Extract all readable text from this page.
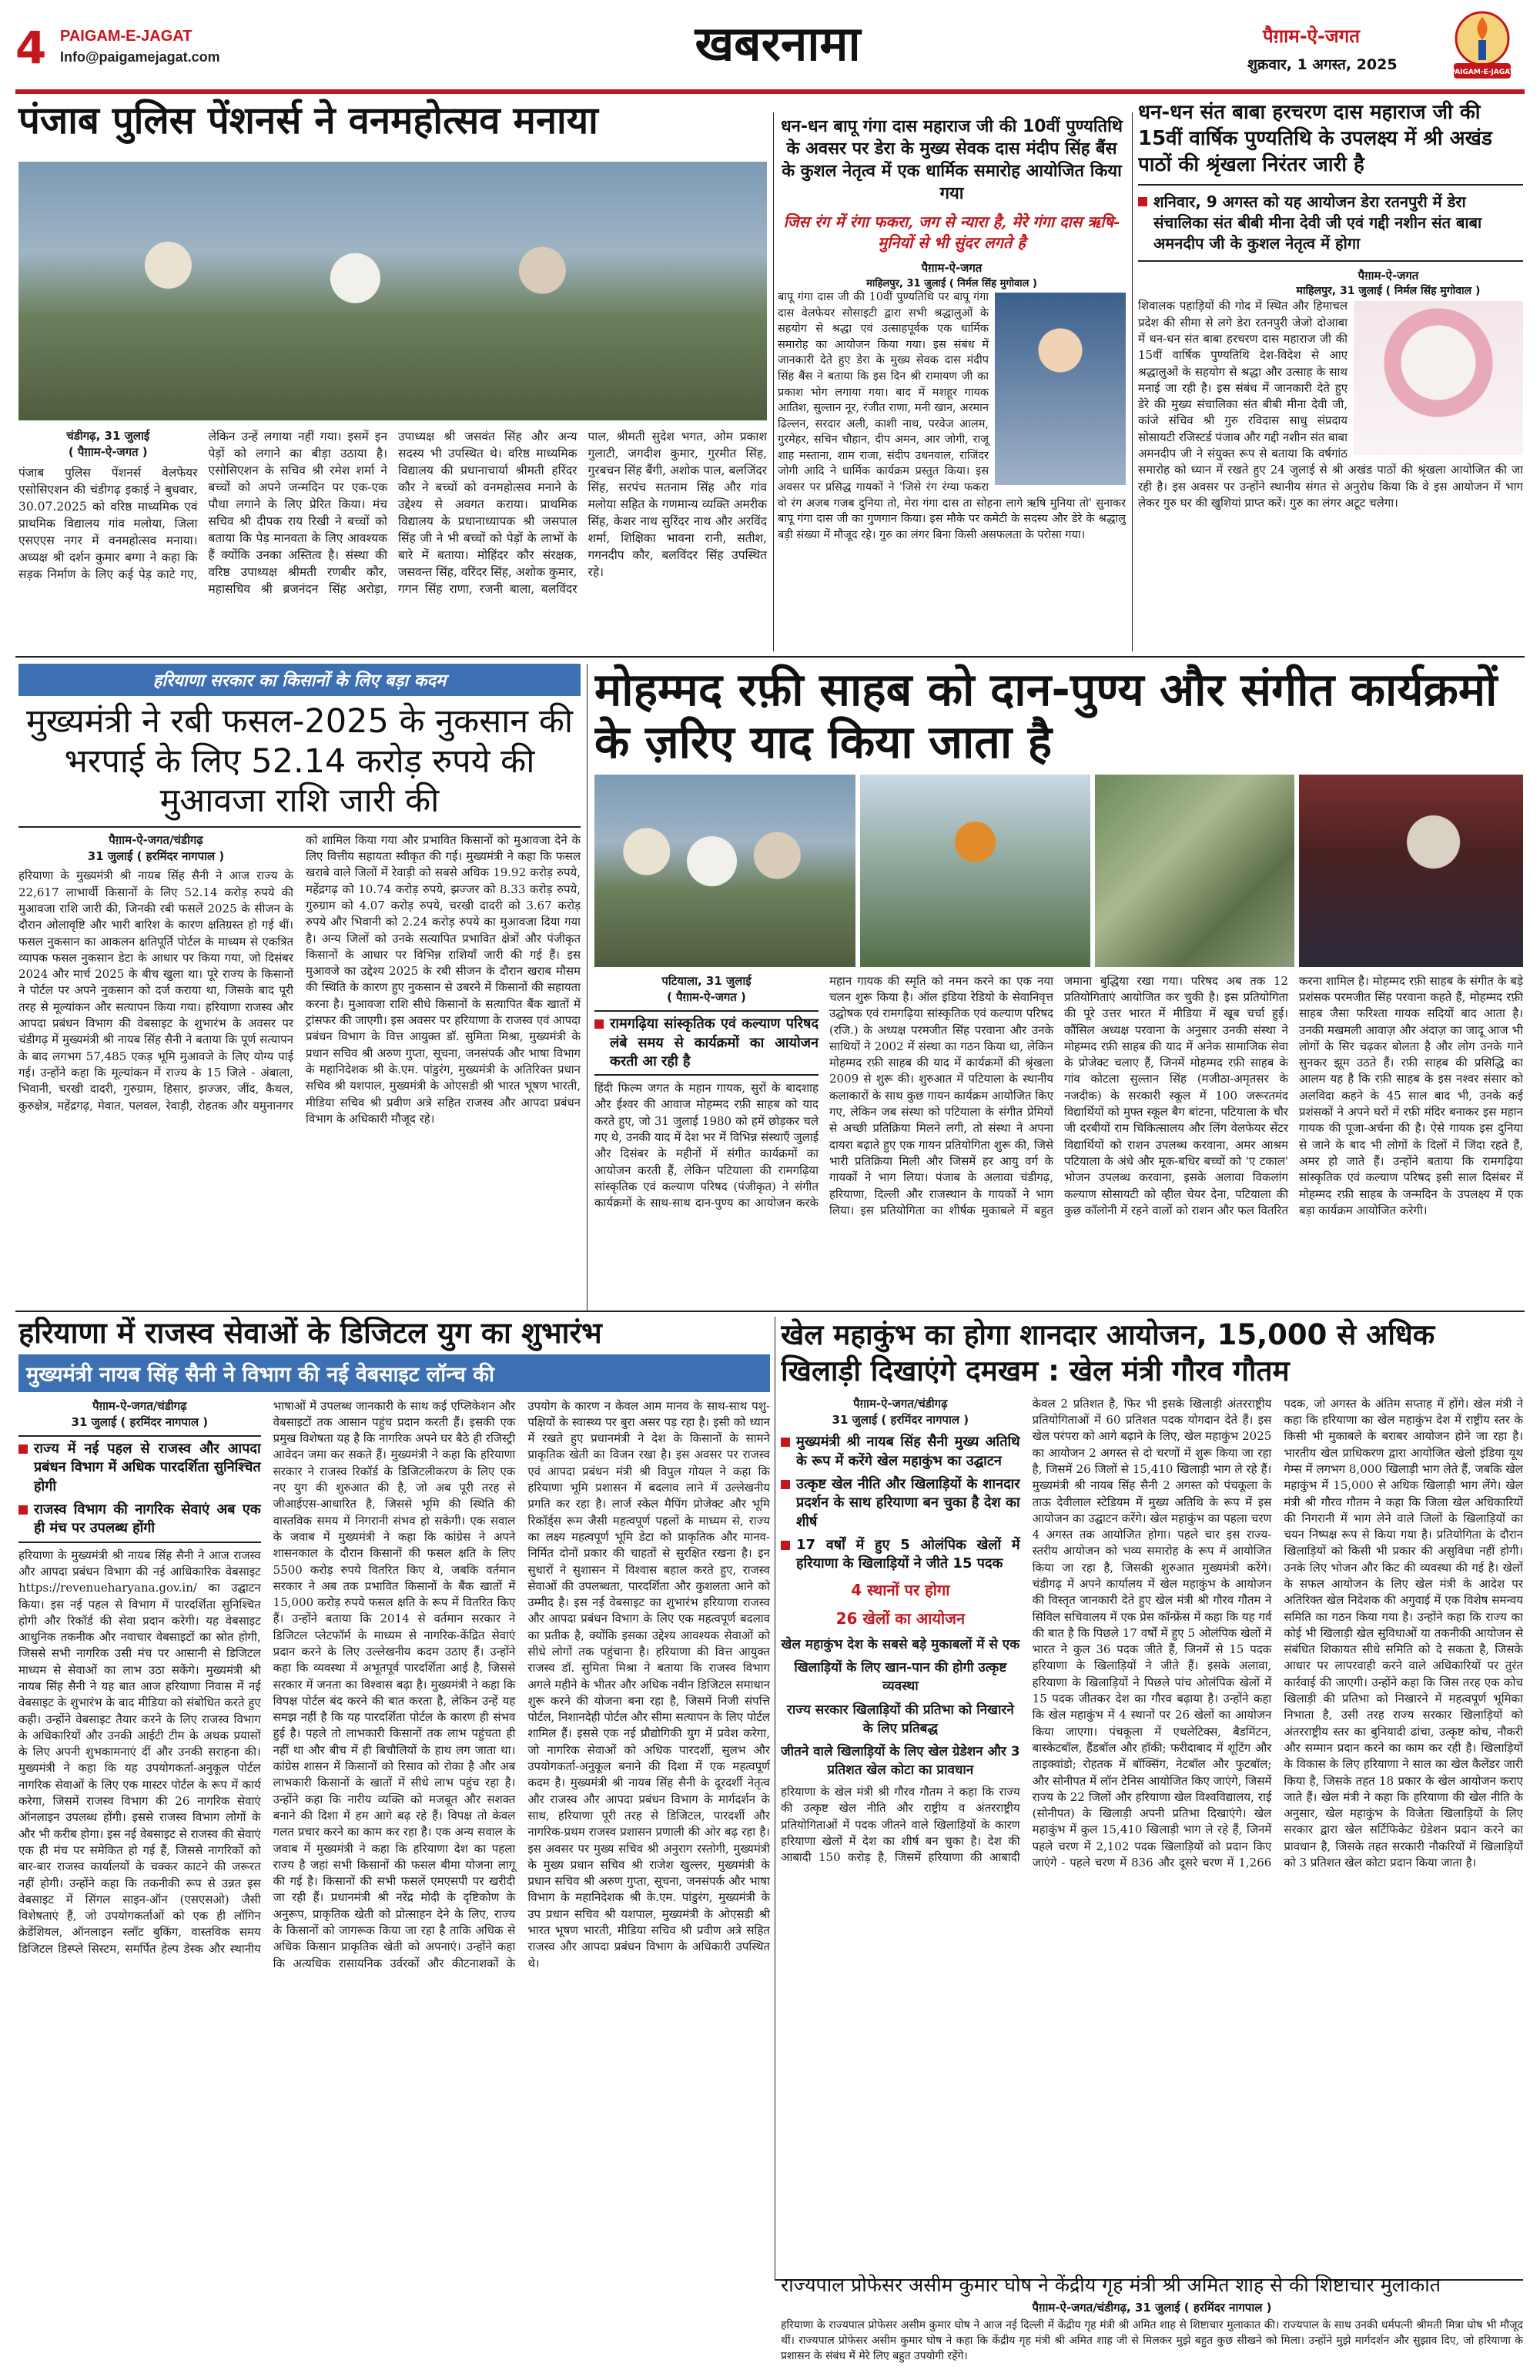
4 PAIGAM-E-JAGAT
Info@paigamejagat.com	खबरनामा	पैग़ाम-ऐ-जगत
शुक्रवार, 1 अगस्त, 2025	PAIGAM-E-JAGAT
पंजाब पुलिस पेंशनर्स ने वनमहोत्सव मनाया
चंडीगढ़, 31 जुलाई
( पैग़ाम-ऐ-जगत )
पंजाब पुलिस पेंशनर्स वेलफेयर एसोसिएशन की चंडीगढ़ इकाई ने बुधवार, 30.07.2025 को वरिष्ठ माध्यमिक एवं प्राथमिक विद्यालय गांव मलोया, जिला एसएएस नगर में वनमहोत्सव मनाया। अध्यक्ष श्री दर्शन कुमार बग्गा ने कहा कि सड़क निर्माण के लिए कई पेड़ काटे गए, लेकिन उन्हें लगाया नहीं गया। इसमें इन पेड़ों को लगाने का बीड़ा उठाया है। एसोसिएशन के सचिव श्री रमेश शर्मा ने बच्चों को अपने जन्मदिन पर एक-एक पौधा लगाने के लिए प्रेरित किया। मंच सचिव श्री दीपक राय रिखी ने बच्चों को बताया कि पेड़ मानवता के लिए आवश्यक हैं क्योंकि उनका अस्तित्व है। संस्था की वरिष्ठ उपाध्यक्ष श्रीमती रणबीर कौर, महासचिव श्री ब्रजनंदन सिंह अरोड़ा, उपाध्यक्ष श्री जसवंत सिंह और अन्य सदस्य भी उपस्थित थे। वरिष्ठ माध्यमिक विद्यालय की प्रधानाचार्या श्रीमती हरिंदर कौर ने बच्चों को वनमहोत्सव मनाने के उद्देश्य से अवगत कराया। प्राथमिक विद्यालय के प्रधानाध्यापक श्री जसपाल सिंह जी ने भी बच्चों को पेड़ों के लाभों के बारे में बताया। मोहिंदर कौर संरक्षक, जसवन्त सिंह, वरिंदर सिंह, अशोक कुमार, गगन सिंह राणा, रजनी बाला, बलविंदर पाल, श्रीमती सुदेश भगत, ओम प्रकाश गुलाटी, जगदीश कुमार, गुरमीत सिंह, गुरबचन सिंह बैंगी, अशोक पाल, बलजिंदर सिंह, सरपंच सतनाम सिंह और गांव मलोया सहित के गणमान्य व्यक्ति अमरीक सिंह, केशर नाथ सुरिंदर नाथ और अरविंद शर्मा, शिक्षिका भावना रानी, सतीश, गगनदीप कौर, बलविंदर सिंह उपस्थित रहे।
धन-धन बापू गंगा दास महाराज जी की 10वीं पुण्यतिथि के अवसर पर डेरा के मुख्य सेवक दास मंदीप सिंह बैंस के कुशल नेतृत्व में एक धार्मिक समारोह आयोजित किया गया
जिस रंग में रंगा फकरा, जग से न्यारा है, मेरे गंगा दास ऋषि-मुनियों से भी सुंदर लगते है
पैग़ाम-ऐ-जगत
माहिलपुर, 31 जुलाई ( निर्मल सिंह मुगोवाल )
बापू गंगा दास जी की 10वीं पुण्यतिथि पर बापू गंगा दास वेलफेयर सोसाइटी द्वारा सभी श्रद्धालुओं के सहयोग से श्रद्धा एवं उत्साहपूर्वक एक धार्मिक समारोह का आयोजन किया गया। इस संबंध में जानकारी देते हुए डेरा के मुख्य सेवक दास मंदीप सिंह बैंस ने बताया कि इस दिन श्री रामायण जी का प्रकाश भोग लगाया गया। बाद में मशहूर गायक आतिश, सुल्तान नूर, रंजीत राणा, मनी खान, अरमान ढिल्लन, सरदार अली, काशी नाथ, परवेज आलम, गुरमेहर, सचिन चौहान, दीप अमन, आर जोगी, राजू शाह मस्ताना, शाम राजा, संदीप उधनवाल, राजिंदर जोगी आदि ने धार्मिक कार्यक्रम प्रस्तुत किया। इस अवसर पर प्रसिद्ध गायकों ने 'जिसे रंग रंग्या फकरा वो रंग अजब गजब दुनिया तो, मेरा गंगा दास ता सोहना लागे ऋषि मुनिया तो' सुनाकर बापू गंगा दास जी का गुणगान किया। इस मौके पर कमेटी के सदस्य और डेरे के श्रद्धालु बड़ी संख्या में मौजूद रहे। गुरु का लंगर बिना किसी असफलता के परोसा गया।
धन-धन संत बाबा हरचरण दास महाराज जी की 15वीं वार्षिक पुण्यतिथि के उपलक्ष्य में श्री अखंड पाठों की श्रृंखला निरंतर जारी है
शनिवार, 9 अगस्त को यह आयोजन डेरा रतनपुरी में डेरा संचालिका संत बीबी मीना देवी जी एवं गद्दी नशीन संत बाबा अमनदीप जी के कुशल नेतृत्व में होगा
पैग़ाम-ऐ-जगत
माहिलपुर, 31 जुलाई ( निर्मल सिंह मुगोवाल )
शिवालक पहाड़ियों की गोद में स्थित और हिमाचल प्रदेश की सीमा से लगे डेरा रतनपुरी जेजो दोआबा में धन-धन संत बाबा हरचरण दास महाराज जी की 15वीं वार्षिक पुण्यतिथि देश-विदेश से आए श्रद्धालुओं के सहयोग से श्रद्धा और उत्साह के साथ मनाई जा रही है। इस संबंध में जानकारी देते हुए डेरे की मुख्य संचालिका संत बीबी मीना देवी जी, कांजे संचिव श्री गुरु रविदास साधु संप्रदाय सोसायटी रजिस्टर्ड पंजाब और गद्दी नशीन संत बाबा अमनदीप जी ने संयुक्त रूप से बताया कि वर्षगांठ समारोह को ध्यान में रखते हुए 24 जुलाई से श्री अखंड पाठों की श्रृंखला आयोजित की जा रही है। इस अवसर पर उन्होंने स्थानीय संगत से अनुरोध किया कि वे इस आयोजन में भाग लेकर गुरु घर की खुशियां प्राप्त करें। गुरु का लंगर अटूट चलेगा।
हरियाणा सरकार का किसानों के लिए बड़ा कदम
मुख्यमंत्री ने रबी फसल-2025 के नुकसान की भरपाई के लिए 52.14 करोड़ रुपये की मुआवजा राशि जारी की
पैग़ाम-ऐ-जगत/चंडीगढ़
31 जुलाई ( हरमिंदर नागपाल )
हरियाणा के मुख्यमंत्री श्री नायब सिंह सैनी ने आज राज्य के 22,617 लाभार्थी किसानों के लिए 52.14 करोड़ रुपये की मुआवजा राशि जारी की, जिनकी रबी फसलें 2025 के सीजन के दौरान ओलावृष्टि और भारी बारिश के कारण क्षतिग्रस्त हो गई थीं। फसल नुकसान का आकलन क्षतिपूर्ति पोर्टल के माध्यम से एकत्रित व्यापक फसल नुकसान डेटा के आधार पर किया गया, जो दिसंबर 2024 और मार्च 2025 के बीच खुला था। पूरे राज्य के किसानों ने पोर्टल पर अपने नुकसान को दर्ज कराया था, जिसके बाद पूरी तरह से मूल्यांकन और सत्यापन किया गया। हरियाणा राजस्व और आपदा प्रबंधन विभाग की वेबसाइट के शुभारंभ के अवसर पर चंडीगढ़ में मुख्यमंत्री श्री नायब सिंह सैनी ने बताया कि पूर्ण सत्यापन के बाद लगभग 57,485 एकड़ भूमि मुआवजे के लिए योग्य पाई गई। उन्होंने कहा कि मूल्यांकन में राज्य के 15 जिले - अंबाला, भिवानी, चरखी दादरी, गुरुग्राम, हिसार, झज्जर, जींद, कैथल, कुरुक्षेत्र, महेंद्रगढ़, मेवात, पलवल, रेवाड़ी, रोहतक और यमुनानगर को शामिल किया गया और प्रभावित किसानों को मुआवजा देने के लिए वित्तीय सहायता स्वीकृत की गई। मुख्यमंत्री ने कहा कि फसल खराबे वाले जिलों में रेवाड़ी को सबसे अधिक 19.92 करोड़ रुपये, महेंद्रगढ़ को 10.74 करोड़ रुपये, झज्जर को 8.33 करोड़ रुपये, गुरुग्राम को 4.07 करोड़ रुपये, चरखी दादरी को 3.67 करोड़ रुपये और भिवानी को 2.24 करोड़ रुपये का मुआवजा दिया गया है। अन्य जिलों को उनके सत्यापित प्रभावित क्षेत्रों और पंजीकृत किसानों के आधार पर विभिन्न राशियाँ जारी की गई हैं। इस मुआवजे का उद्देश्य 2025 के रबी सीजन के दौरान खराब मौसम की स्थिति के कारण हुए नुकसान से उबरने में किसानों की सहायता करना है। मुआवजा राशि सीधे किसानों के सत्यापित बैंक खातों में ट्रांसफर की जाएगी। इस अवसर पर हरियाणा के राजस्व एवं आपदा प्रबंधन विभाग के वित्त आयुक्त डॉ. सुमिता मिश्रा, मुख्यमंत्री के प्रधान सचिव श्री अरुण गुप्ता, सूचना, जनसंपर्क और भाषा विभाग के महानिदेशक श्री के.एम. पांडुरंग, मुख्यमंत्री के अतिरिक्त प्रधान सचिव श्री यशपाल, मुख्यमंत्री के ओएसडी श्री भारत भूषण भारती, मीडिया सचिव श्री प्रवीण अत्रे सहित राजस्व और आपदा प्रबंधन विभाग के अधिकारी मौजूद रहे।
मोहम्मद रफ़ी साहब को दान-पुण्य और संगीत कार्यक्रमों के ज़रिए याद किया जाता है
पटियाला, 31 जुलाई
( पैग़ाम-ऐ-जगत )
रामगढ़िया सांस्कृतिक एवं कल्याण परिषद लंबे समय से कार्यक्रमों का आयोजन करती आ रही है
हिंदी फिल्म जगत के महान गायक, सुरों के बादशाह और ईश्वर की आवाज मोहम्मद रफ़ी साहब को याद करते हुए, जो 31 जुलाई 1980 को हमें छोड़कर चले गए थे, उनकी याद में देश भर में विभिन्न संस्थाएँ जुलाई और दिसंबर के महीनों में संगीत कार्यक्रमों का आयोजन करती हैं, लेकिन पटियाला की रामगढ़िया सांस्कृतिक एवं कल्याण परिषद (पंजीकृत) ने संगीत कार्यक्रमों के साथ-साथ दान-पुण्य का आयोजन करके महान गायक की स्मृति को नमन करने का एक नया चलन शुरू किया है। ऑल इंडिया रेडियो के सेवानिवृत्त उद्घोषक एवं रामगढ़िया सांस्कृतिक एवं कल्याण परिषद (रजि.) के अध्यक्ष परमजीत सिंह परवाना और उनके साथियों ने 2002 में संस्था का गठन किया था, लेकिन मोहम्मद रफ़ी साहब की याद में कार्यक्रमों की श्रृंखला 2009 से शुरू की। शुरुआत में पटियाला के स्थानीय कलाकारों के साथ कुछ गायन कार्यक्रम आयोजित किए गए, लेकिन जब संस्था को पटियाला के संगीत प्रेमियों से अच्छी प्रतिक्रिया मिलने लगी, तो संस्था ने अपना दायरा बढ़ाते हुए एक गायन प्रतियोगिता शुरू की, जिसे भारी प्रतिक्रिया मिली और जिसमें हर आयु वर्ग के गायकों ने भाग लिया। पंजाब के अलावा चंडीगढ़, हरियाणा, दिल्ली और राजस्थान के गायकों ने भाग लिया। इस प्रतियोगिता का शीर्षक मुकाबले में बहुत जमाना बुद्धिया रखा गया। परिषद अब तक 12 प्रतियोगिताएं आयोजित कर चुकी है। इस प्रतियोगिता की पूरे उत्तर भारत में मीडिया में खूब चर्चा हुई। कौंसिल अध्यक्ष परवाना के अनुसार उनकी संस्था ने मोहम्मद रफ़ी साहब की याद में अनेक सामाजिक सेवा के प्रोजेक्ट चलाए हैं, जिनमें मोहम्मद रफ़ी साहब के गांव कोटला सुल्तान सिंह (मजीठा-अमृतसर के नजदीक) के सरकारी स्कूल में 100 जरूरतमंद विद्यार्थियों को मुफ्त स्कूल बैग बांटना, पटियाला के चौर जी दरबीयों राम चिकित्सालय और लिंग वेलफेयर सेंटर विद्यार्थियों को राशन उपलब्ध करवाना, अमर आश्रम पटियाला के अंधे और मूक-बधिर बच्चों को 'ए टकाल' भोजन उपलब्ध करवाना, इसके अलावा विकलांग कल्याण सोसायटी को व्हील चेयर देना, पटियाला की कुछ कॉलोनी में रहने वालों को राशन और फल वितरित करना शामिल है। मोहम्मद रफ़ी साहब के संगीत के बड़े प्रशंसक परमजीत सिंह परवाना कहते हैं, मोहम्मद रफ़ी साहब जैसा फरिश्ता गायक सदियों बाद आता है। उनकी मखमली आवाज़ और अंदाज़ का जादू आज भी लोगों के सिर चढ़कर बोलता है और लोग उनके गाने सुनकर झूम उठते हैं। रफ़ी साहब की प्रसिद्धि का आलम यह है कि रफ़ी साहब के इस नश्वर संसार को अलविदा कहने के 45 साल बाद भी, उनके कई प्रशंसकों ने अपने घरों में रफ़ी मंदिर बनाकर इस महान गायक की पूजा-अर्चना की है। ऐसे गायक इस दुनिया से जाने के बाद भी लोगों के दिलों में जिंदा रहते हैं, अमर हो जाते हैं। उन्होंने बताया कि रामगढ़िया सांस्कृतिक एवं कल्याण परिषद इसी साल दिसंबर में मोहम्मद रफ़ी साहब के जन्मदिन के उपलक्ष्य में एक बड़ा कार्यक्रम आयोजित करेगी।
हरियाणा में राजस्व सेवाओं के डिजिटल युग का शुभारंभ
मुख्यमंत्री नायब सिंह सैनी ने विभाग की नई वेबसाइट लॉन्च की
पैग़ाम-ऐ-जगत/चंडीगढ़
31 जुलाई ( हरमिंदर नागपाल )
राज्य में नई पहल से राजस्व और आपदा प्रबंधन विभाग में अधिक पारदर्शिता सुनिश्चित होगी
राजस्व विभाग की नागरिक सेवाएं अब एक ही मंच पर उपलब्ध होंगी
हरियाणा के मुख्यमंत्री श्री नायब सिंह सैनी ने आज राजस्व और आपदा प्रबंधन विभाग की नई आधिकारिक वेबसाइट https://revenueharyana.gov.in/ का उद्घाटन किया। इस नई पहल से विभाग में पारदर्शिता सुनिश्चित होगी और रिकॉर्ड की सेवा प्रदान करेगी। यह वेबसाइट आधुनिक तकनीक और नवाचार वेबसाइटों का स्रोत होगी, जिससे सभी नागरिक उसी मंच पर आसानी से डिजिटल माध्यम से सेवाओं का लाभ उठा सकेंगे। मुख्यमंत्री श्री नायब सिंह सैनी ने यह बात आज हरियाणा निवास में नई वेबसाइट के शुभारंभ के बाद मीडिया को संबोधित करते हुए कही। उन्होंने वेबसाइट तैयार करने के लिए राजस्व विभाग के अधिकारियों और उनकी आईटी टीम के अथक प्रयासों के लिए अपनी शुभकामनाएं दीं और उनकी सराहना की। मुख्यमंत्री ने कहा कि यह उपयोगकर्ता-अनुकूल पोर्टल नागरिक सेवाओं के लिए एक मास्टर पोर्टल के रूप में कार्य करेगा, जिसमें राजस्व विभाग की 26 नागरिक सेवाएं ऑनलाइन उपलब्ध होंगी। इससे राजस्व विभाग लोगों के और भी करीब होगा। इस नई वेबसाइट से राजस्व की सेवाएं एक ही मंच पर समेकित हो गई हैं, जिससे नागरिकों को बार-बार राजस्व कार्यालयों के चक्कर काटने की जरूरत नहीं होगी। उन्होंने कहा कि तकनीकी रूप से उन्नत इस वेबसाइट में सिंगल साइन-ऑन (एसएसओ) जैसी विशेषताएं हैं, जो उपयोगकर्ताओं को एक ही लॉगिन क्रेडेंशियल, ऑनलाइन स्लॉट बुकिंग, वास्तविक समय डिजिटल डिस्प्ले सिस्टम, समर्पित हेल्प डेस्क और स्थानीय भाषाओं में उपलब्ध जानकारी के साथ कई एप्लिकेशन और वेबसाइटों तक आसान पहुंच प्रदान करती हैं। इसकी एक प्रमुख विशेषता यह है कि नागरिक अपने घर बैठे ही रजिस्ट्री आवेदन जमा कर सकते हैं। मुख्यमंत्री ने कहा कि हरियाणा सरकार ने राजस्व रिकॉर्ड के डिजिटलीकरण के लिए एक नए युग की शुरुआत की है, जो अब पूरी तरह से जीआईएस-आधारित है, जिससे भूमि की स्थिति की वास्तविक समय में निगरानी संभव हो सकेगी। एक सवाल के जवाब में मुख्यमंत्री ने कहा कि कांग्रेस ने अपने शासनकाल के दौरान किसानों की फसल क्षति के लिए 5500 करोड़ रुपये वितरित किए थे, जबकि वर्तमान सरकार ने अब तक प्रभावित किसानों के बैंक खातों में 15,000 करोड़ रुपये फसल क्षति के रूप में वितरित किए हैं। उन्होंने बताया कि 2014 से वर्तमान सरकार ने डिजिटल प्लेटफॉर्म के माध्यम से नागरिक-केंद्रित सेवाएं प्रदान करने के लिए उल्लेखनीय कदम उठाए हैं। उन्होंने कहा कि व्यवस्था में अभूतपूर्व पारदर्शिता आई है, जिससे सरकार में जनता का विश्वास बढ़ा है। मुख्यमंत्री ने कहा कि विपक्ष पोर्टल बंद करने की बात करता है, लेकिन उन्हें यह समझ नहीं है कि यह पारदर्शिता पोर्टल के कारण ही संभव हुई है। पहले तो लाभकारी किसानों तक लाभ पहुंचता ही नहीं था और बीच में ही बिचौलियों के हाथ लग जाता था। कांग्रेस शासन में किसानों को रिसाव को रोका है और अब लाभकारी किसानों के खातों में सीधे लाभ पहुंच रहा है। उन्होंने कहा कि नारीय व्यक्ति को मजबूत और सशक्त बनाने की दिशा में हम आगे बढ़ रहे हैं। विपक्ष तो केवल गलत प्रचार करने का काम कर रहा है। एक अन्य सवाल के जवाब में मुख्यमंत्री ने कहा कि हरियाणा देश का पहला राज्य है जहां सभी किसानों की फसल बीमा योजना लागू की गई है। किसानों की सभी फसलें एमएसपी पर खरीदी जा रही हैं। प्रधानमंत्री श्री नरेंद्र मोदी के दृष्टिकोण के अनुरूप, प्राकृतिक खेती को प्रोत्साहन देने के लिए, राज्य के किसानों को जागरूक किया जा रहा है ताकि अधिक से अधिक किसान प्राकृतिक खेती को अपनाएं। उन्होंने कहा कि अत्यधिक रासायनिक उर्वरकों और कीटनाशकों के उपयोग के कारण न केवल आम मानव के साथ-साथ पशु-पक्षियों के स्वास्थ्य पर बुरा असर पड़ रहा है। इसी को ध्यान में रखते हुए प्रधानमंत्री ने देश के किसानों के सामने प्राकृतिक खेती का विजन रखा है। इस अवसर पर राजस्व एवं आपदा प्रबंधन मंत्री श्री विपुल गोयल ने कहा कि हरियाणा भूमि प्रशासन में बदलाव लाने में उल्लेखनीय प्रगति कर रहा है। लार्ज स्केल मैपिंग प्रोजेक्ट और भूमि रिकॉर्ड्स रूम जैसी महत्वपूर्ण पहलों के माध्यम से, राज्य का लक्ष्य महत्वपूर्ण भूमि डेटा को प्राकृतिक और मानव-निर्मित दोनों प्रकार की चाहतों से सुरक्षित रखना है। इन सुधारों ने सुशासन में विश्वास बहाल करते हुए, राजस्व सेवाओं की उपलब्धता, पारदर्शिता और कुशलता आने को उम्मीद है। इस नई वेबसाइट का शुभारंभ हरियाणा राजस्व और आपदा प्रबंधन विभाग के लिए एक महत्वपूर्ण बदलाव का प्रतीक है, क्योंकि इसका उद्देश्य आवश्यक सेवाओं को सीधे लोगों तक पहुंचाना है। हरियाणा की वित्त आयुक्त राजस्व डॉ. सुमिता मिश्रा ने बताया कि राजस्व विभाग अगले महीने के भीतर और अधिक नवीन डिजिटल समाधान शुरू करने की योजना बना रहा है, जिसमें निजी संपत्ति पोर्टल, निशानदेही पोर्टल और सीमा सत्यापन के लिए पोर्टल शामिल हैं। इससे एक नई प्रौद्योगिकी युग में प्रवेश करेगा, जो नागरिक सेवाओं को अधिक पारदर्शी, सुलभ और उपयोगकर्ता-अनुकूल बनाने की दिशा में एक महत्वपूर्ण कदम है। मुख्यमंत्री श्री नायब सिंह सैनी के दूरदर्शी नेतृत्व और राजस्व और आपदा प्रबंधन विभाग के मार्गदर्शन के साथ, हरियाणा पूरी तरह से डिजिटल, पारदर्शी और नागरिक-प्रथम राजस्व प्रशासन प्रणाली की ओर बढ़ रहा है। इस अवसर पर मुख्य सचिव श्री अनुराग रस्तोगी, मुख्यमंत्री के मुख्य प्रधान सचिव श्री राजेश खुल्लर, मुख्यमंत्री के प्रधान सचिव श्री अरुण गुप्ता, सूचना, जनसंपर्क और भाषा विभाग के महानिदेशक श्री के.एम. पांडुरंग, मुख्यमंत्री के उप प्रधान सचिव श्री यशपाल, मुख्यमंत्री के ओएसडी श्री भारत भूषण भारती, मीडिया सचिव श्री प्रवीण अत्रे सहित राजस्व और आपदा प्रबंधन विभाग के अधिकारी उपस्थित थे।
खेल महाकुंभ का होगा शानदार आयोजन, 15,000 से अधिक खिलाड़ी दिखाएंगे दमखम : खेल मंत्री गौरव गौतम
पैग़ाम-ऐ-जगत/चंडीगढ़
31 जुलाई ( हरमिंदर नागपाल )
मुख्यमंत्री श्री नायब सिंह सैनी मुख्य अतिथि के रूप में करेंगे खेल महाकुंभ का उद्घाटन
उत्कृष्ट खेल नीति और खिलाड़ियों के शानदार प्रदर्शन के साथ हरियाणा बन चुका है देश का शीर्ष
17 वर्षों में हुए 5 ओलंपिक खेलों में हरियाणा के खिलाड़ियों ने जीते 15 पदक
4 स्थानों पर होगा
26 खेलों का आयोजन
खेल महाकुंभ देश के सबसे बड़े मुकाबलों में से एक
खिलाड़ियों के लिए खान-पान की होगी उत्कृष्ट व्यवस्था
राज्य सरकार खिलाड़ियों की प्रतिभा को निखारने के लिए प्रतिबद्ध
जीतने वाले खिलाड़ियों के लिए खेल ग्रेडेशन और 3 प्रतिशत खेल कोटा का प्रावधान
हरियाणा के खेल मंत्री श्री गौरव गौतम ने कहा कि राज्य की उत्कृष्ट खेल नीति और राष्ट्रीय व अंतरराष्ट्रीय प्रतियोगिताओं में पदक जीतने वाले खिलाड़ियों के कारण हरियाणा खेलों में देश का शीर्ष बन चुका है। देश की आबादी 150 करोड़ है, जिसमें हरियाणा की आबादी केवल 2 प्रतिशत है, फिर भी इसके खिलाड़ी अंतरराष्ट्रीय प्रतियोगिताओं में 60 प्रतिशत पदक योगदान देते हैं। इस खेल परंपरा को आगे बढ़ाने के लिए, खेल महाकुंभ 2025 का आयोजन 2 अगस्त से दो चरणों में शुरू किया जा रहा है, जिसमें 26 जिलों से 15,410 खिलाड़ी भाग ले रहे हैं। मुख्यमंत्री श्री नायब सिंह सैनी 2 अगस्त को पंचकूला के ताऊ देवीलाल स्टेडियम में मुख्य अतिथि के रूप में इस आयोजन का उद्घाटन करेंगे। खेल महाकुंभ का पहला चरण 4 अगस्त तक आयोजित होगा। पहले चार इस राज्य-स्तरीय आयोजन को भव्य समारोह के रूप में आयोजित किया जा रहा है, जिसकी शुरुआत मुख्यमंत्री करेंगे। चंडीगढ़ में अपने कार्यालय में खेल महाकुंभ के आयोजन की विस्तृत जानकारी देते हुए खेल मंत्री श्री गौरव गौतम ने सिविल सचिवालय में एक प्रेस कॉन्फ्रेंस में कहा कि यह गर्व की बात है कि पिछले 17 वर्षों में हुए 5 ओलंपिक खेलों में भारत ने कुल 36 पदक जीते हैं, जिनमें से 15 पदक हरियाणा के खिलाड़ियों ने जीते हैं। इसके अलावा, हरियाणा के खिलाड़ियों ने पिछले पांच ओलंपिक खेलों में 15 पदक जीतकर देश का गौरव बढ़ाया है। उन्होंने कहा कि खेल महाकुंभ में 4 स्थानों पर 26 खेलों का आयोजन किया जाएगा। पंचकूला में एथलेटिक्स, बैडमिंटन, बास्केटबॉल, हैंडबॉल और हॉकी; फरीदाबाद में शूटिंग और ताइक्वांडो; रोहतक में बॉक्सिंग, नेटबॉल और फुटबॉल; और सोनीपत में लॉन टेनिस आयोजित किए जाएंगे, जिसमें राज्य के 22 जिलों और हरियाणा खेल विश्वविद्यालय, राई (सोनीपत) के खिलाड़ी अपनी प्रतिभा दिखाएंगे। खेल महाकुंभ में कुल 15,410 खिलाड़ी भाग ले रहे हैं, जिनमें पहले चरण में 2,102 पदक खिलाड़ियों को प्रदान किए जाएंगे - पहले चरण में 836 और दूसरे चरण में 1,266 पदक, जो अगस्त के अंतिम सप्ताह में होंगे। खेल मंत्री ने कहा कि हरियाणा का खेल महाकुंभ देश में राष्ट्रीय स्तर के किसी भी मुकाबले के बराबर आयोजन होने जा रहा है। भारतीय खेल प्राधिकरण द्वारा आयोजित खेलो इंडिया यूथ गेम्स में लगभग 8,000 खिलाड़ी भाग लेते हैं, जबकि खेल महाकुंभ में 15,000 से अधिक खिलाड़ी भाग लेंगे। खेल मंत्री श्री गौरव गौतम ने कहा कि जिला खेल अधिकारियों की निगरानी में भाग लेने वाले जिलों के खिलाड़ियों का चयन निष्पक्ष रूप से किया गया है। प्रतियोगिता के दौरान खिलाड़ियों को किसी भी प्रकार की असुविधा नहीं होगी। उनके लिए भोजन और किट की व्यवस्था की गई है। खेलों के सफल आयोजन के लिए खेल मंत्री के आदेश पर अतिरिक्त खेल निदेशक की अगुवाई में एक विशेष समन्वय समिति का गठन किया गया है। उन्होंने कहा कि राज्य का कोई भी खिलाड़ी खेल सुविधाओं या तकनीकी आयोजन से संबंधित शिकायत सीधे समिति को दे सकता है, जिसके आधार पर लापरवाही करने वाले अधिकारियों पर तुरंत कार्रवाई की जाएगी। उन्होंने कहा कि जिस तरह एक कोच खिलाड़ी की प्रतिभा को निखारने में महत्वपूर्ण भूमिका निभाता है, उसी तरह राज्य सरकार खिलाड़ियों को अंतरराष्ट्रीय स्तर का बुनियादी ढांचा, उत्कृष्ट कोच, नौकरी और सम्मान प्रदान करने का काम कर रही है। खिलाड़ियों के विकास के लिए हरियाणा ने साल का खेल कैलेंडर जारी किया है, जिसके तहत 18 प्रकार के खेल आयोजन कराए जाते हैं। खेल मंत्री ने कहा कि हरियाणा की खेल नीति के अनुसार, खेल महाकुंभ के विजेता खिलाड़ियों के लिए सरकार द्वारा खेल सर्टिफिकेट ग्रेडेशन प्रदान करने का प्रावधान है, जिसके तहत सरकारी नौकरियों में खिलाड़ियों को 3 प्रतिशत खेल कोटा प्रदान किया जाता है।
राज्यपाल प्रोफेसर असीम कुमार घोष ने केंद्रीय गृह मंत्री श्री अमित शाह से की शिष्टाचार मुलाकात
पैग़ाम-ऐ-जगत/चंडीगढ़, 31 जुलाई ( हरमिंदर नागपाल )
हरियाणा के राज्यपाल प्रोफेसर असीम कुमार घोष ने आज नई दिल्ली में केंद्रीय गृह मंत्री श्री अमित शाह से शिष्टाचार मुलाकात की। राज्यपाल के साथ उनकी धर्मपत्नी श्रीमती मित्रा घोष भी मौजूद थीं। राज्यपाल प्रोफेसर असीम कुमार घोष ने कहा कि केंद्रीय गृह मंत्री श्री अमित शाह जी से मिलकर मुझे बहुत कुछ सीखने को मिला। उन्होंने मुझे मार्गदर्शन और सुझाव दिए, जो हरियाणा के प्रशासन के संबंध में मेरे लिए बहुत उपयोगी रहेंगे।
